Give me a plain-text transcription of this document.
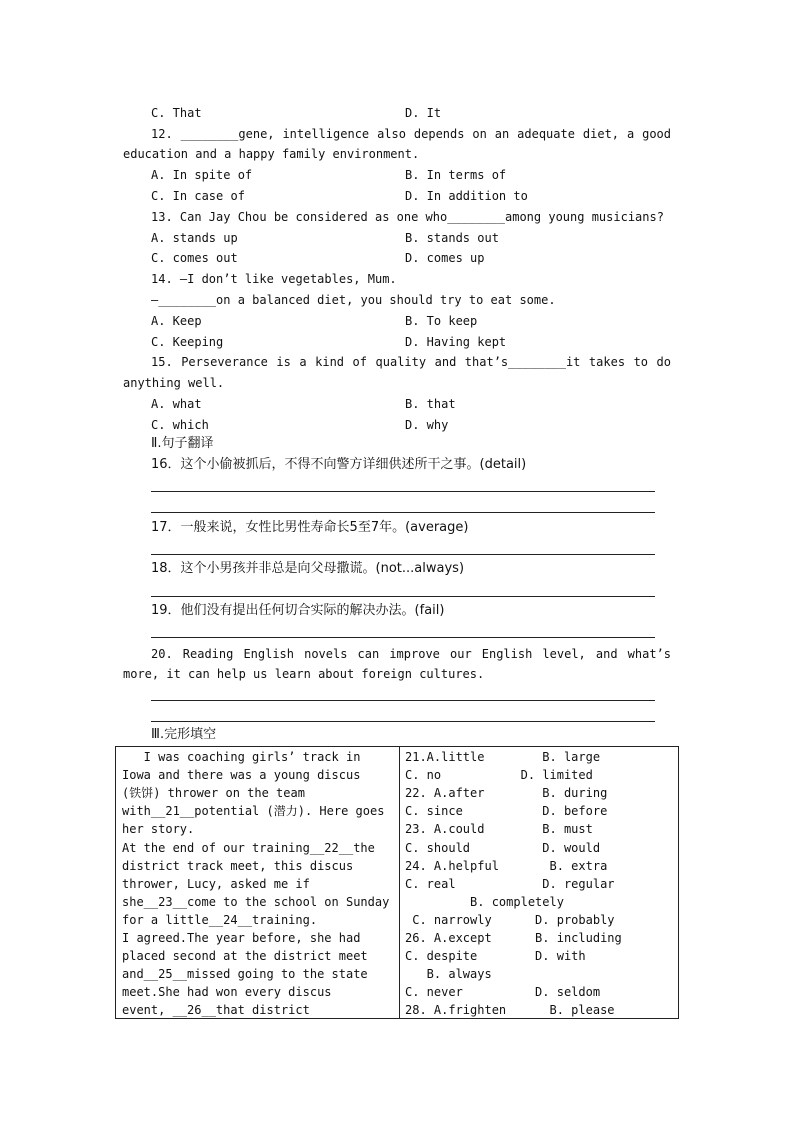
C. That	D. It
12. ________gene, intelligence also depends on an adequate diet, a good
education and a happy family environment.
A. In spite of	B. In terms of
C. In case of	D. In addition to
13. Can Jay Chou be considered as one who________among young musicians?
A. stands up	B. stands out
C. comes out	D. comes up
14. —I don’t like vegetables, Mum.
—________on a balanced diet, you should try to eat some.
A. Keep	B. To keep
C. Keeping	D. Having kept
15. Perseverance is a kind of quality and that’s________it takes to do
anything well.
A. what	B. that
C. which	D. why
Ⅱ.句子翻译
16．这个小偷被抓后，不得不向警方详细供述所干之事。(detail)
17．一般来说，女性比男性寿命长5至7年。(average)
18．这个小男孩并非总是向父母撒谎。(not...always)
19．他们没有提出任何切合实际的解决办法。(fail)
20. Reading English novels can improve our English level, and what’s
more, it can help us learn about foreign cultures.
Ⅲ.完形填空
I was coaching girls’ track in
Iowa and there was a young discus
(铁饼) thrower on the team
with__21__potential (潜力). Here goes
her story.
At the end of our training__22__the
district track meet, this discus
thrower, Lucy, asked me if
she__23__come to the school on Sunday
for a little__24__training.
I agreed.The year before, she had
placed second at the district meet
and__25__missed going to the state
meet.She had won every discus
event, __26__that district
21.A.little        B. large
C. no           D. limited
22. A.after        B. during
C. since           D. before
23. A.could        B. must
C. should          D. would
24. A.helpful       B. extra
C. real            D. regular
B. completely
C. narrowly      D. probably
26. A.except      B. including
C. despite        D. with
B. always
C. never          D. seldom
28. A.frighten      B. please
